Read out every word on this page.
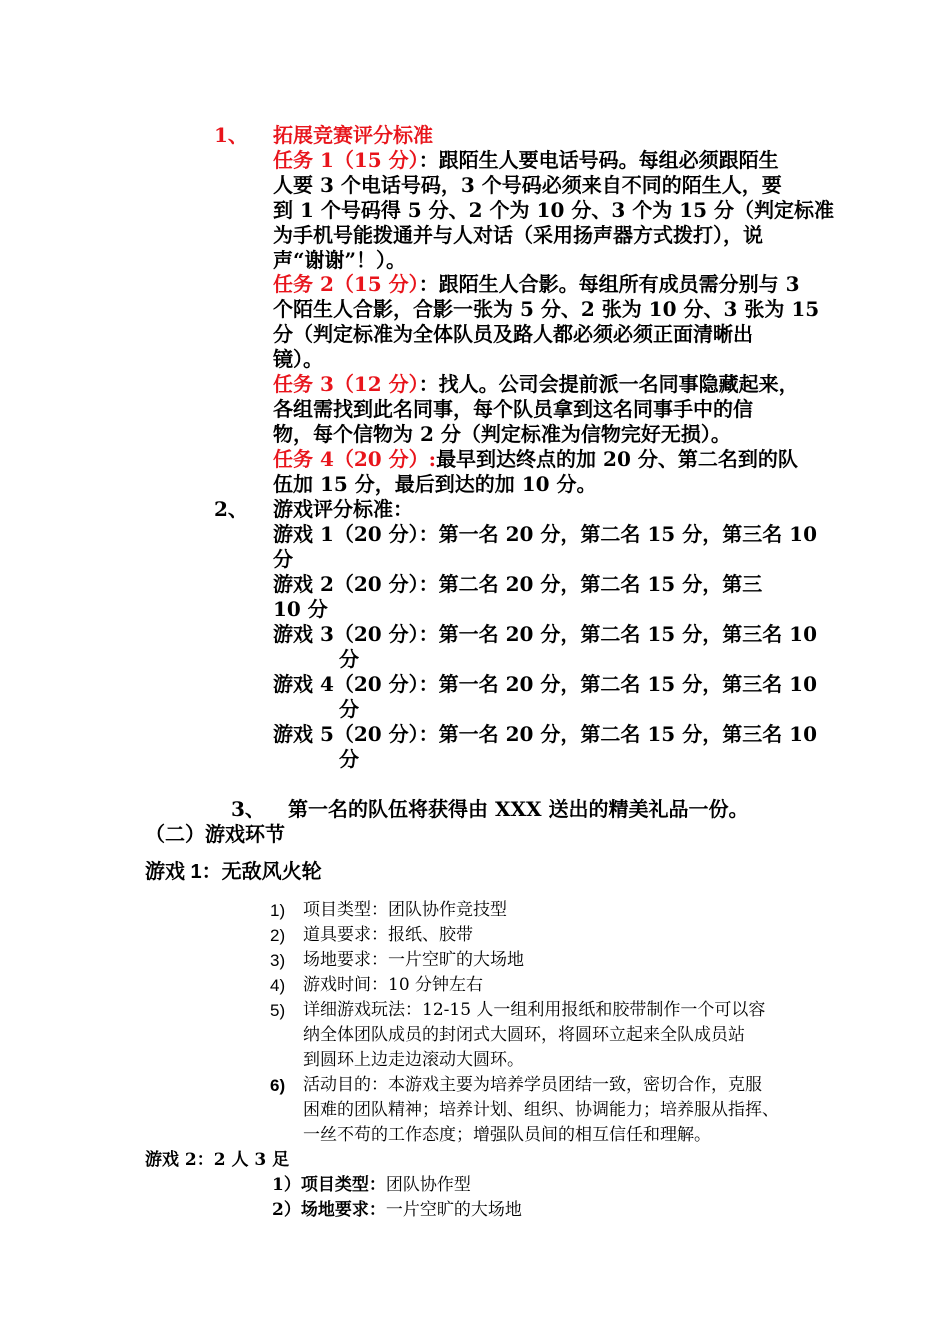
1、 拓展竞赛评分标准
任务 1（15 分）：跟陌生人要电话号码。每组必须跟陌生
人要 3 个电话号码，3 个号码必须来自不同的陌生人，要
到 1 个号码得 5 分、2 个为 10 分、3 个为 15 分（判定标准
为手机号能拨通并与人对话（采用扬声器方式拨打），说
声“谢谢”！）。
任务 2（15 分）：跟陌生人合影。每组所有成员需分别与 3
个陌生人合影，合影一张为 5 分、2 张为 10 分、3 张为 15
分（判定标准为全体队员及路人都必须必须正面清晰出
镜）。
任务 3（12 分）：找人。公司会提前派一名同事隐藏起来，
各组需找到此名同事，每个队员拿到这名同事手中的信
物，每个信物为 2 分（判定标准为信物完好无损）。
任务 4（20 分）:最早到达终点的加 20 分、第二名到的队
伍加 15 分，最后到达的加 10 分。
2、 游戏评分标准：
游戏 1（20 分）：第一名 20 分，第二名 15 分，第三名 10
分
游戏 2（20 分）：第二名 20 分，第二名 15 分，第三
10 分
游戏 3（20 分）：第一名 20 分，第二名 15 分，第三名 10
分
游戏 4（20 分）：第一名 20 分，第二名 15 分，第三名 10
分
游戏 5（20 分）：第一名 20 分，第二名 15 分，第三名 10
分
3、 第一名的队伍将获得由 XXX 送出的精美礼品一份。
（二）游戏环节
游戏 1：无敌风火轮
1) 项目类型：团队协作竞技型
2) 道具要求：报纸、胶带
3) 场地要求：一片空旷的大场地
4) 游戏时间：10 分钟左右
5) 详细游戏玩法：12-15 人一组利用报纸和胶带制作一个可以容
纳全体团队成员的封闭式大圆环，将圆环立起来全队成员站
到圆环上边走边滚动大圆环。
6) 活动目的：本游戏主要为培养学员团结一致，密切合作，克服
困难的团队精神；培养计划、组织、协调能力；培养服从指挥、
一丝不苟的工作态度；增强队员间的相互信任和理解。
游戏 2：2 人 3 足
1）项目类型：团队协作型
2）场地要求：一片空旷的大场地
